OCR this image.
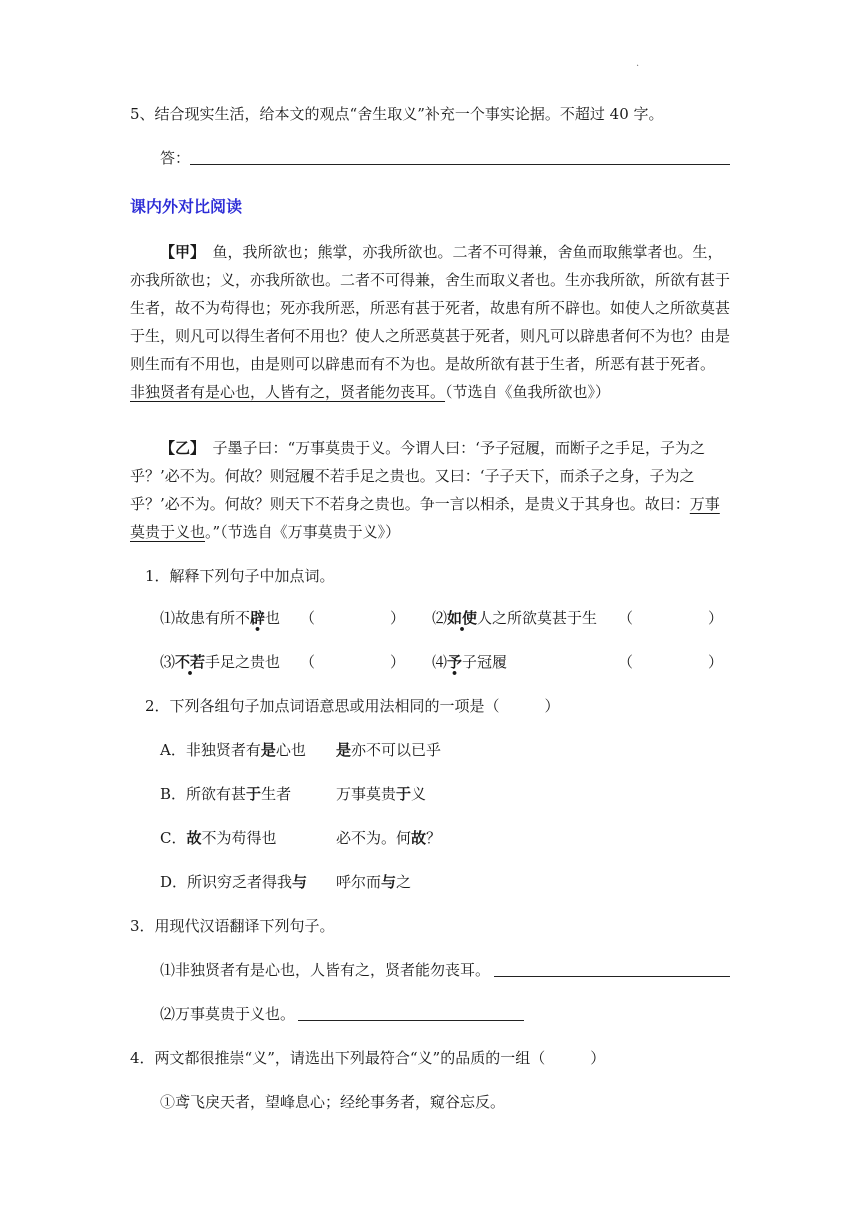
.
5、结合现实生活，给本文的观点“舍生取义”补充一个事实论据。不超过 40 字。
答：
课内外对比阅读
【甲】　鱼，我所欲也；熊掌，亦我所欲也。二者不可得兼，舍鱼而取熊掌者也。生，亦我所欲也；义，亦我所欲也。二者不可得兼，舍生而取义者也。生亦我所欲，所欲有甚于生者，故不为苟得也；死亦我所恶，所恶有甚于死者，故患有所不辟也。如使人之所欲莫甚于生，则凡可以得生者何不用也？使人之所恶莫甚于死者，则凡可以辟患者何不为也？由是则生而有不用也，由是则可以辟患而有不为也。是故所欲有甚于生者，所恶有甚于死者。非独贤者有是心也，人皆有之，贤者能勿丧耳。（节选自《鱼我所欲也》）
【乙】　子墨子曰：“万事莫贵于义。今谓人曰：‘予子冠履，而断子之手足，子为之乎？’必不为。何故？则冠履不若手足之贵也。又曰：‘子子天下，而杀子之身，子为之乎？’必不为。何故？则天下不若身之贵也。争一言以相杀，是贵义于其身也。故曰：万事莫贵于义也。”（节选自《万事莫贵于义》）
1．解释下列句子中加点词。
⑴故患有所不辟也 （　　　　　） ⑵如使人之所欲莫甚于生 （　　　　　）
⑶不若手足之贵也 （　　　　　） ⑷予子冠履	（　　　　　）
2．下列各组句子加点词语意思或用法相同的一项是（　　　）
A．非独贤者有是心也 是亦不可以已乎
B．所欲有甚于生者	万事莫贵于义
C．故不为苟得也	必不为。何故？
D．所识穷乏者得我与 呼尔而与之
3．用现代汉语翻译下列句子。
⑴非独贤者有是心也，人皆有之，贤者能勿丧耳。
⑵万事莫贵于义也。
4．两文都很推崇“义”，请选出下列最符合“义”的品质的一组（　　　）
①鸢飞戾天者，望峰息心；经纶事务者，窥谷忘反。
